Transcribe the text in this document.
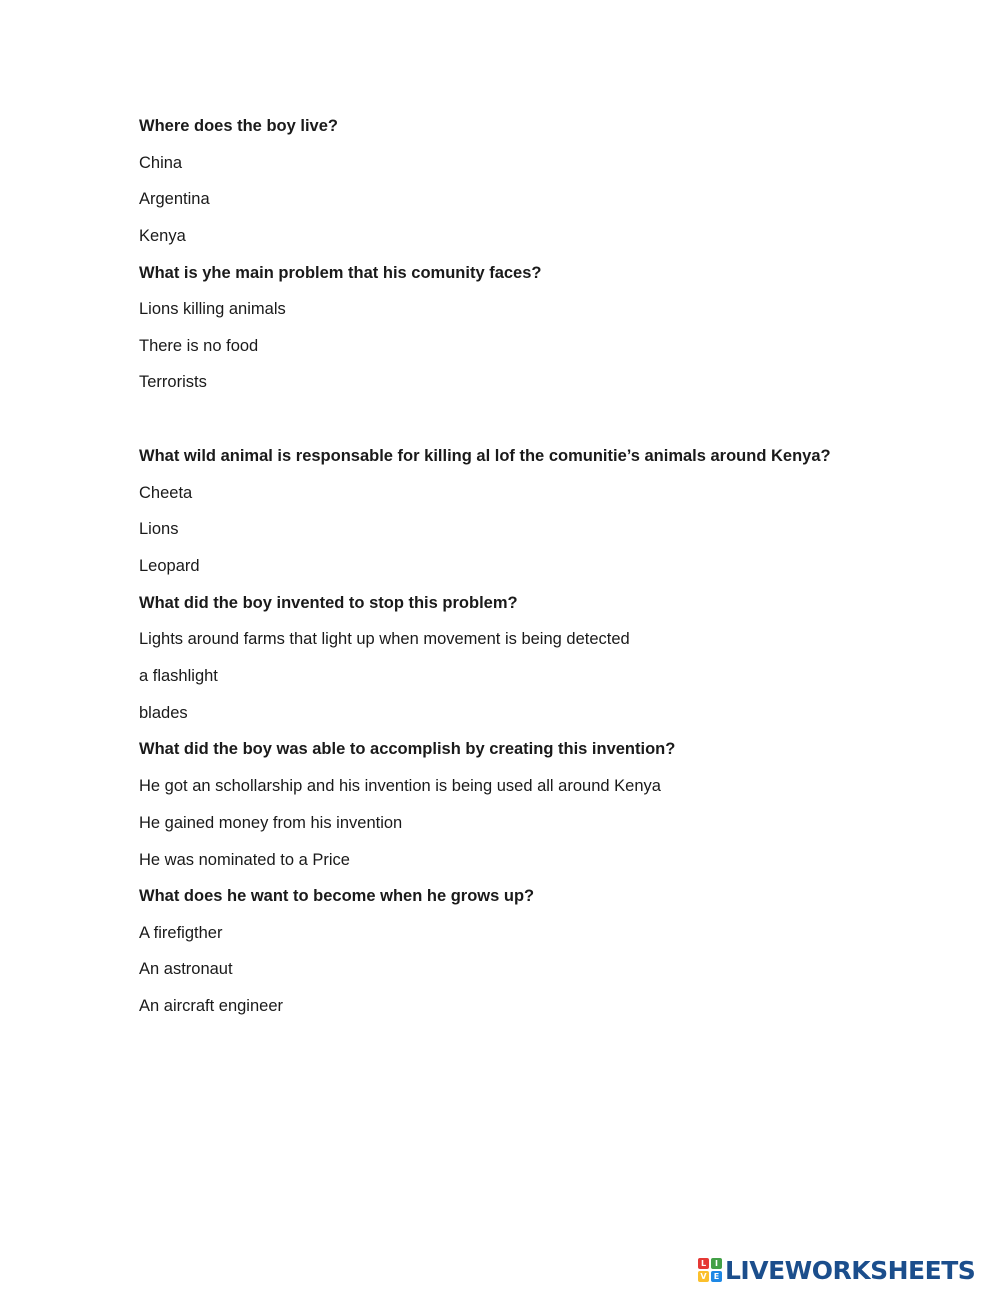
Where does the boy live?
China
Argentina
Kenya
What is yhe main problem that his comunity faces?
Lions killing animals
There is no food
Terrorists
What wild animal is responsable for killing al lof the comunitie’s animals around Kenya?
Cheeta
Lions
Leopard
What did the boy invented to stop this problem?
Lights around farms that light up when movement is being detected
a flashlight
blades
What did the boy was able to accomplish by creating this invention?
He got an schollarship and his invention is being used all around Kenya
He gained money from his invention
He was nominated to a Price
What does he want to become when he grows up?
A firefigther
An astronaut
An aircraft engineer
L	I
V E LIVEWORKSHEETS
